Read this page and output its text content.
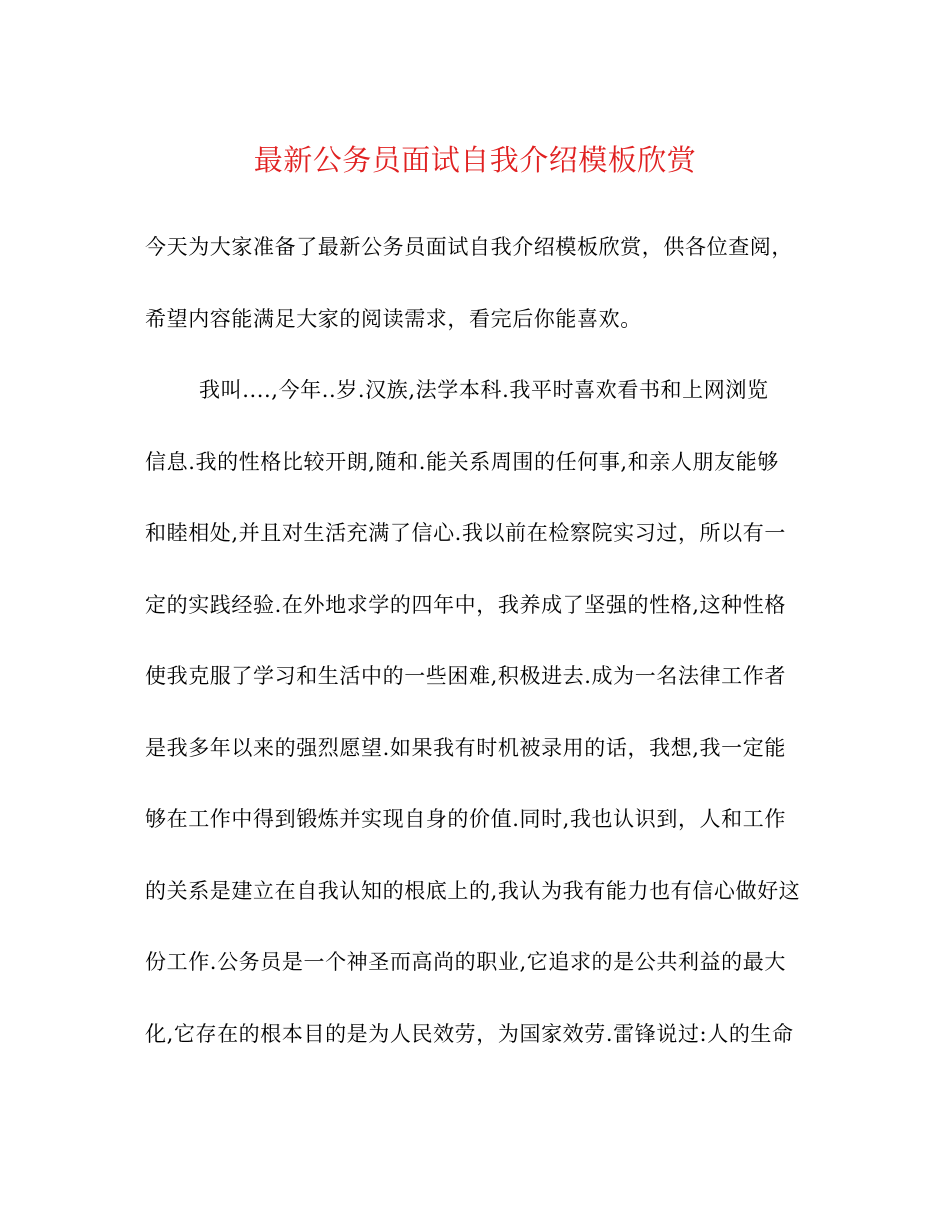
最新公务员面试自我介绍模板欣赏
今天为大家准备了最新公务员面试自我介绍模板欣赏，供各位查阅，
希望内容能满足大家的阅读需求，看完后你能喜欢。
我叫....,今年..岁.汉族,法学本科.我平时喜欢看书和上网浏览
信息.我的性格比较开朗,随和.能关系周围的任何事,和亲人朋友能够
和睦相处,并且对生活充满了信心.我以前在检察院实习过，所以有一
定的实践经验.在外地求学的四年中，我养成了坚强的性格,这种性格
使我克服了学习和生活中的一些困难,积极进去.成为一名法律工作者
是我多年以来的强烈愿望.如果我有时机被录用的话，我想,我一定能
够在工作中得到锻炼并实现自身的价值.同时,我也认识到，人和工作
的关系是建立在自我认知的根底上的,我认为我有能力也有信心做好这
份工作.公务员是一个神圣而高尚的职业,它追求的是公共利益的最大
化,它存在的根本目的是为人民效劳，为国家效劳.雷锋说过:人的生命
